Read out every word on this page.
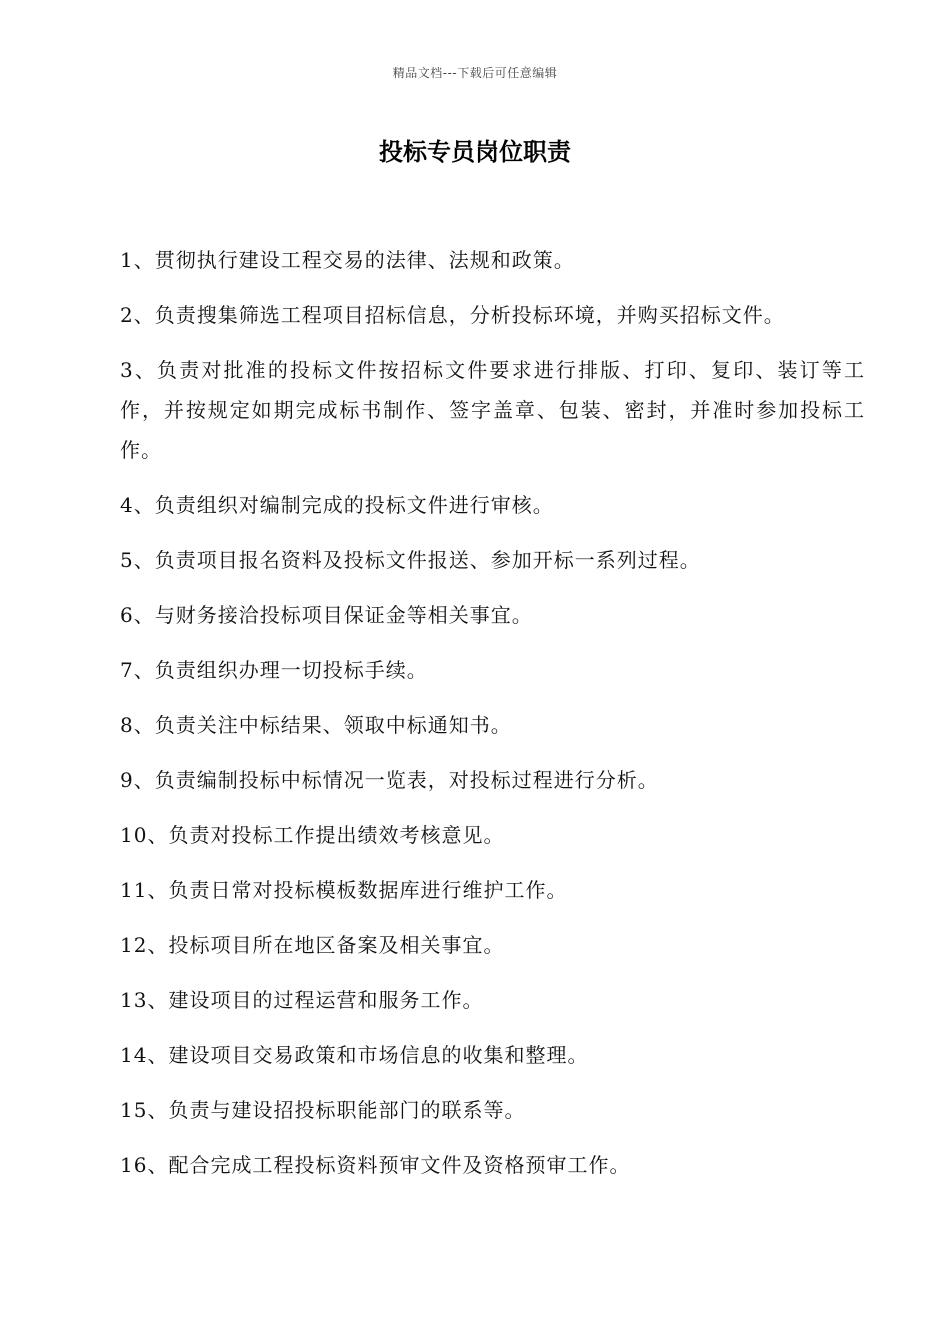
精品文档---下载后可任意编辑
投标专员岗位职责
1、贯彻执行建设工程交易的法律、法规和政策。
2、负责搜集筛选工程项目招标信息，分析投标环境，并购买招标文件。
3、负责对批准的投标文件按招标文件要求进行排版、打印、复印、装订等工作，并按规定如期完成标书制作、签字盖章、包装、密封，并准时参加投标工作。
4、负责组织对编制完成的投标文件进行审核。
5、负责项目报名资料及投标文件报送、参加开标一系列过程。
6、与财务接洽投标项目保证金等相关事宜。
7、负责组织办理一切投标手续。
8、负责关注中标结果、领取中标通知书。
9、负责编制投标中标情况一览表，对投标过程进行分析。
10、负责对投标工作提出绩效考核意见。
11、负责日常对投标模板数据库进行维护工作。
12、投标项目所在地区备案及相关事宜。
13、建设项目的过程运营和服务工作。
14、建设项目交易政策和市场信息的收集和整理。
15、负责与建设招投标职能部门的联系等。
16、配合完成工程投标资料预审文件及资格预审工作。
